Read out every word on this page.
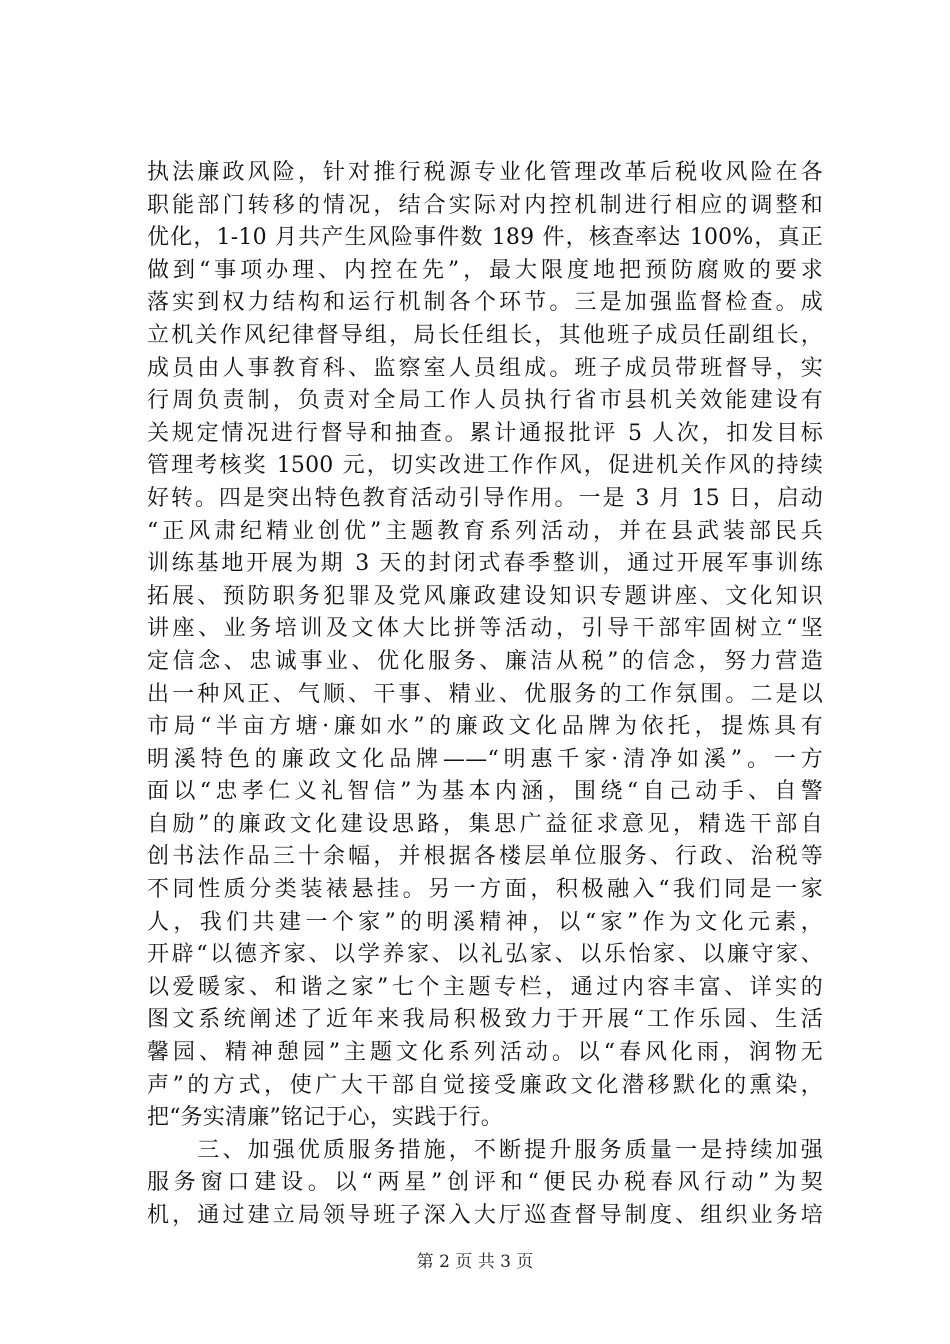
执法廉政风险，针对推行税源专业化管理改革后税收风险在各
职能部门转移的情况，结合实际对内控机制进行相应的调整和
优化，1-10 月共产生风险事件数 189 件，核查率达 100%，真正
做到“事项办理、内控在先”，最大限度地把预防腐败的要求
落实到权力结构和运行机制各个环节。三是加强监督检查。成
立机关作风纪律督导组，局长任组长，其他班子成员任副组长，
成员由人事教育科、监察室人员组成。班子成员带班督导，实
行周负责制，负责对全局工作人员执行省市县机关效能建设有
关规定情况进行督导和抽查。累计通报批评 5 人次，扣发目标
管理考核奖 1500 元，切实改进工作作风，促进机关作风的持续
好转。四是突出特色教育活动引导作用。一是 3 月 15 日，启动
“正风肃纪精业创优”主题教育系列活动，并在县武装部民兵
训练基地开展为期 3 天的封闭式春季整训，通过开展军事训练
拓展、预防职务犯罪及党风廉政建设知识专题讲座、文化知识
讲座、业务培训及文体大比拼等活动，引导干部牢固树立“坚
定信念、忠诚事业、优化服务、廉洁从税”的信念，努力营造
出一种风正、气顺、干事、精业、优服务的工作氛围。二是以
市局“半亩方塘·廉如水”的廉政文化品牌为依托，提炼具有
明溪特色的廉政文化品牌——“明惠千家·清净如溪”。一方
面以“忠孝仁义礼智信”为基本内涵，围绕“自己动手、自警
自励”的廉政文化建设思路，集思广益征求意见，精选干部自
创书法作品三十余幅，并根据各楼层单位服务、行政、治税等
不同性质分类装裱悬挂。另一方面，积极融入“我们同是一家
人，我们共建一个家”的明溪精神，以“家”作为文化元素，
开辟“以德齐家、以学养家、以礼弘家、以乐怡家、以廉守家、
以爱暖家、和谐之家”七个主题专栏，通过内容丰富、详实的
图文系统阐述了近年来我局积极致力于开展“工作乐园、生活
馨园、精神憩园”主题文化系列活动。以“春风化雨，润物无
声”的方式，使广大干部自觉接受廉政文化潜移默化的熏染，
把“务实清廉”铭记于心，实践于行。
　　三、加强优质服务措施，不断提升服务质量一是持续加强
服务窗口建设。以“两星”创评和“便民办税春风行动”为契
机，通过建立局领导班子深入大厅巡查督导制度、组织业务培
第 2 页 共 3 页
